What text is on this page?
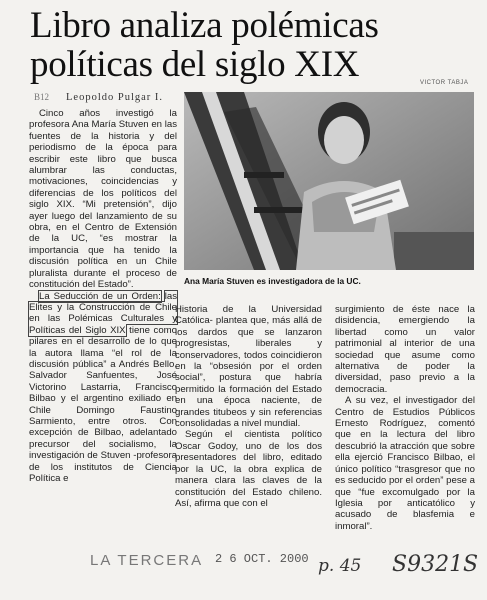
Libro analiza polémicas políticas del siglo XIX
B12 Leopoldo Pulgar I.
VICTOR TABJA

Cinco años investigó la profesora Ana María Stuven en las fuentes de la historia y del periodismo de la época para escribir este libro que busca alumbrar las conductas, motivaciones, coincidencias y diferencias de los políticos del siglo XIX. “Mi pretensión”, dijo ayer luego del lanzamiento de su obra, en el Centro de Extensión de la UC, “es mostrar la importancia que ha tenido la discusión política en un Chile pluralista durante el proceso de constitución del Estado”.

La Seducción de un Orden: las Elites y la Construcción de Chile en las Polémicas Culturales y Políticas del Siglo XIX tiene como pilares en el desarrollo de lo que la autora llama “el rol de la discusión pública” a Andrés Bello, Salvador Sanfuentes, José Victorino Lastarria, Francisco Bilbao y el argentino exiliado en Chile Domingo Faustino Sarmiento, entre otros. Con excepción de Bilbao, adelantado precursor del socialismo, la investigación de Stuven -profesora de los institutos de Ciencia Política e

Ana María Stuven es investigadora de la UC.

Historia de la Universidad Católica- plantea que, más allá de los dardos que se lanzaron progresistas, liberales y conservadores, todos coincidieron en la “obsesión por el orden social”, postura que habría permitido la formación del Estado en una época naciente, de grandes titubeos y sin referencias consolidadas a nivel mundial.

Según el cientista político Oscar Godoy, uno de los dos presentadores del libro, editado por la UC, la obra explica de manera clara las claves de la constitución del Estado chileno. Así, afirma que con el

surgimiento de éste nace la disidencia, emergiendo la libertad como un valor patrimonial al interior de una sociedad que asume como alternativa de poder la diversidad, paso previo a la democracia.

A su vez, el investigador del Centro de Estudios Públicos Ernesto Rodríguez, comentó que en la lectura del libro descubrió la atracción que sobre ella ejerció Francisco Bilbao, el único político “trasgresor que no es seducido por el orden” pese a que “fue excomulgado por la Iglesia por anticatólico y acusado de blasfemia e inmoral”.

LA TERCERA 2 6 OCT. 2000 p. 45 S9321S
